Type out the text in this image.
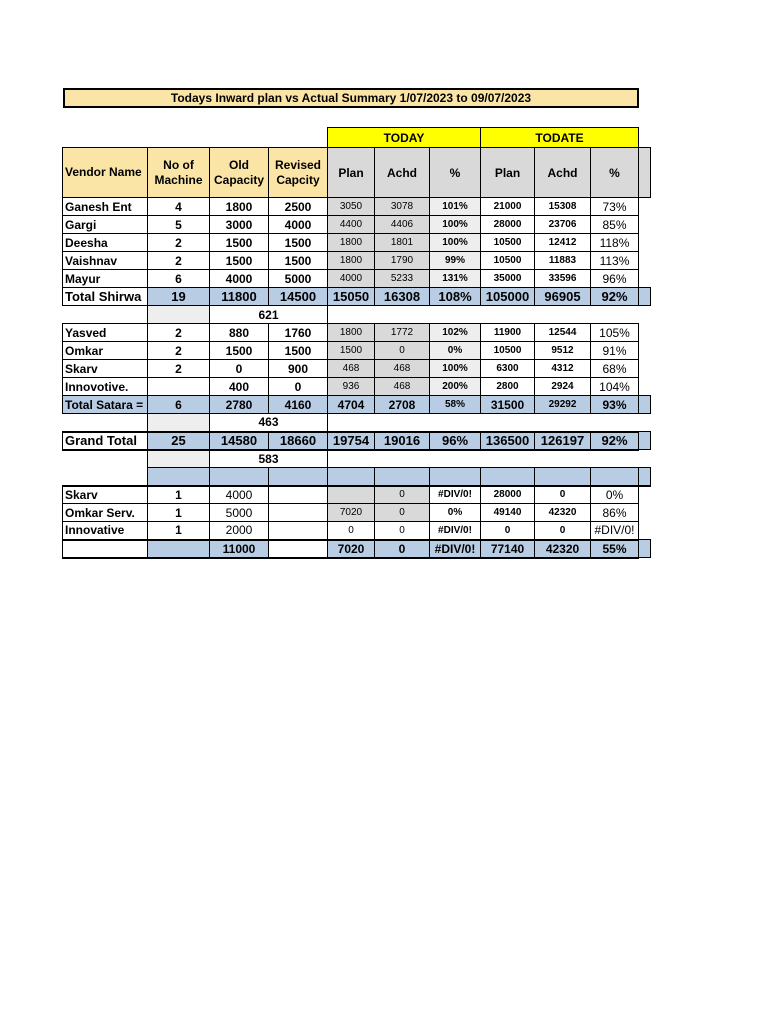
Todays Inward plan vs Actual Summary 1/07/2023 to 09/07/2023
				TODAY			TODATE			
Vendor Name	No of Machine	Old Capacity	Revised Capcity	Plan	Achd	%	Plan	Achd	%	
Ganesh Ent	4	1800	2500	3050	3078	101%	21000	15308	73%	
Gargi	5	3000	4000	4400	4406	100%	28000	23706	85%	
Deesha	2	1500	1500	1800	1801	100%	10500	12412	118%	
Vaishnav	2	1500	1500	1800	1790	99%	10500	11883	113%	
Mayur	6	4000	5000	4000	5233	131%	35000	33596	96%	
Total Shirwa	19	11800	14500	15050	16308	108%	105000	96905	92%	
		621								
Yasved	2	880	1760	1800	1772	102%	11900	12544	105%	
Omkar	2	1500	1500	1500	0	0%	10500	9512	91%	
Skarv	2	0	900	468	468	100%	6300	4312	68%	
Innovotive.		400	0	936	468	200%	2800	2924	104%	
Total Satara =	6	2780	4160	4704	2708	58%	31500	29292	93%	
		463								
Grand Total	25	14580	18660	19754	19016	96%	136500	126197	92%	
		583								

Skarv	1	4000			0	#DIV/0!	28000	0	0%	
Omkar Serv.	1	5000		7020	0	0%	49140	42320	86%	
Innovative	1	2000		0	0	#DIV/0!	0	0	#DIV/0!	
		11000		7020	0	#DIV/0!	77140	42320	55%	
